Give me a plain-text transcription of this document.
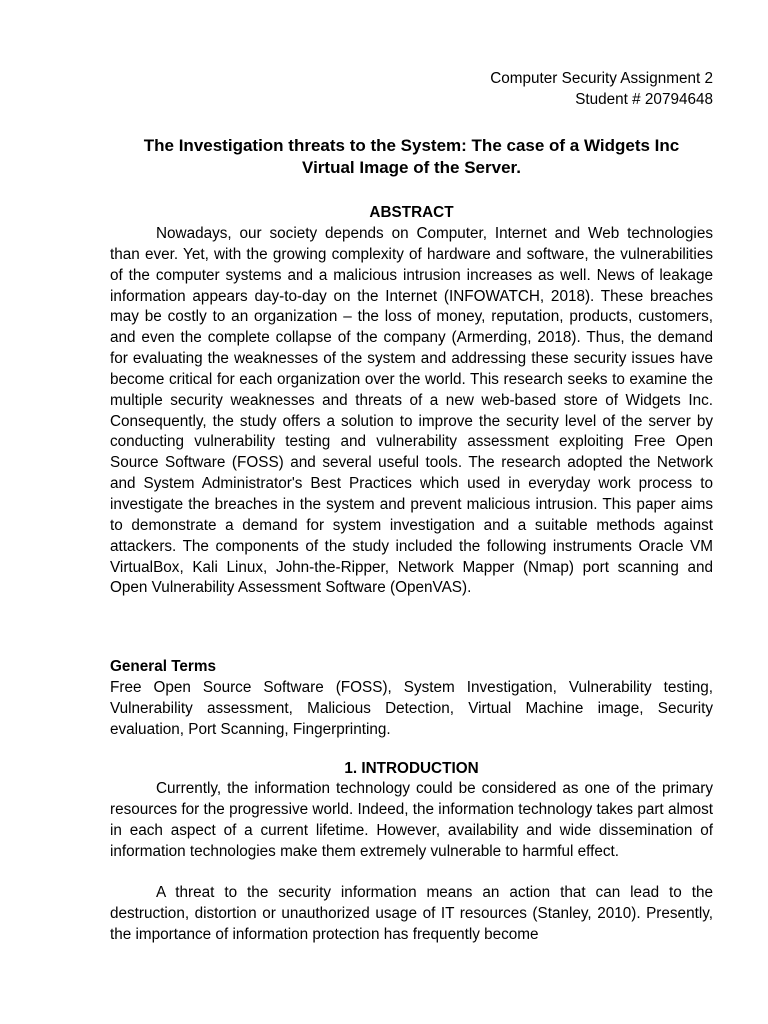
Computer Security Assignment 2
Student # 20794648
The Investigation threats to the System: The case of a Widgets Inc
Virtual Image of the Server.
ABSTRACT

Nowadays, our society depends on Computer, Internet and Web technologies than ever. Yet, with the growing complexity of hardware and software, the vulnerabilities of the computer systems and a malicious intrusion increases as well. News of leakage information appears day-to-day on the Internet (INFOWATCH, 2018). These breaches may be costly to an organization – the loss of money, reputation, products, customers, and even the complete collapse of the company (Armerding, 2018). Thus, the demand for evaluating the weaknesses of the system and addressing these security issues have become critical for each organization over the world. This research seeks to examine the multiple security weaknesses and threats of a new web-based store of Widgets Inc. Consequently, the study offers a solution to improve the security level of the server by conducting vulnerability testing and vulnerability assessment exploiting Free Open Source Software (FOSS) and several useful tools. The research adopted the Network and System Administrator's Best Practices which used in everyday work process to investigate the breaches in the system and prevent malicious intrusion. This paper aims to demonstrate a demand for system investigation and a suitable methods against attackers. The components of the study included the following instruments Oracle VM VirtualBox, Kali Linux, John-the-Ripper, Network Mapper (Nmap) port scanning and Open Vulnerability Assessment Software (OpenVAS).

General Terms

Free Open Source Software (FOSS), System Investigation, Vulnerability testing, Vulnerability assessment, Malicious Detection, Virtual Machine image, Security evaluation, Port Scanning, Fingerprinting.

1. INTRODUCTION

Currently, the information technology could be considered as one of the primary resources for the progressive world. Indeed, the information technology takes part almost in each aspect of a current lifetime. However, availability and wide dissemination of information technologies make them extremely vulnerable to harmful effect.

A threat to the security information means an action that can lead to the destruction, distortion or unauthorized usage of IT resources (Stanley, 2010). Presently, the importance of information protection has frequently become
